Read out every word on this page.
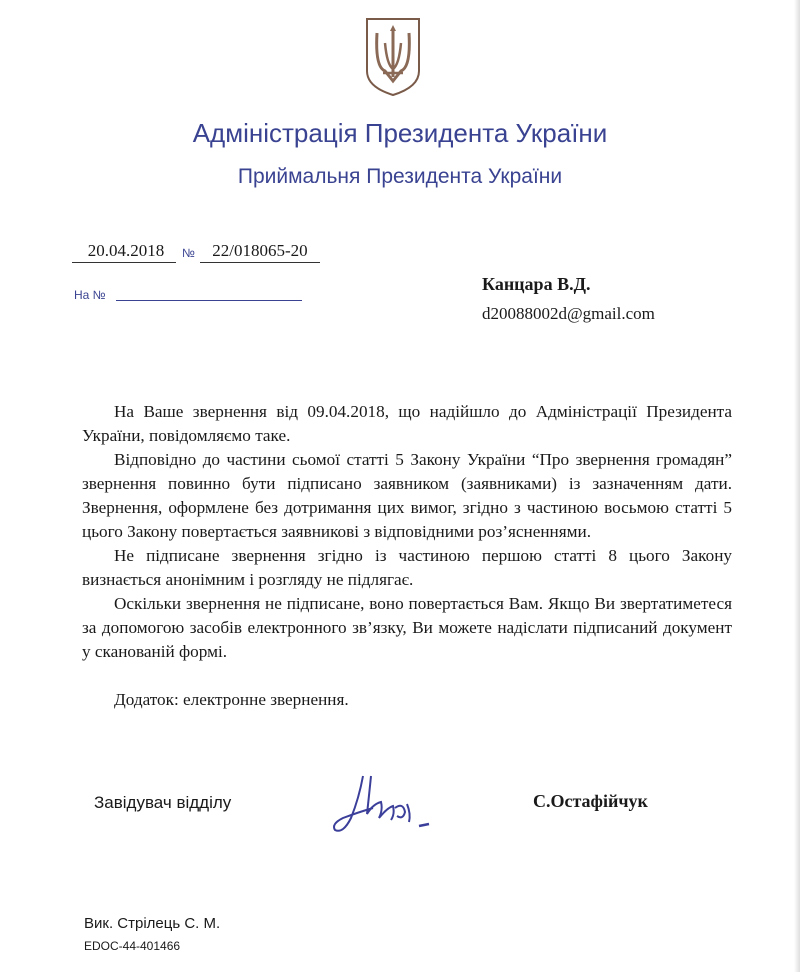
Адміністрація Президента України
Приймальня Президента України
20.04.2018	№	22/018065-20
На №
Канцара В.Д.
d20088002d@gmail.com

На Ваше звернення від 09.04.2018, що надійшло до Адміністрації Президента України, повідомляємо таке.

Відповідно до частини сьомої статті 5 Закону України “Про звернення громадян” звернення повинно бути підписано заявником (заявниками) із зазначенням дати. Звернення, оформлене без дотримання цих вимог, згідно з частиною восьмою статті 5 цього Закону повертається заявникові з відповідними роз’ясненнями.

Не підписане звернення згідно із частиною першою статті 8 цього Закону визнається анонімним і розгляду не підлягає.

Оскільки звернення не підписане, воно повертається Вам. Якщо Ви звертатиметеся за допомогою засобів електронного зв’язку, Ви можете надіслати підписаний документ у сканованій формі.

Додаток: електронне звернення.
Завідувач відділу	С.Остафійчук
Вик. Стрілець С. М.
EDOC-44-401466
